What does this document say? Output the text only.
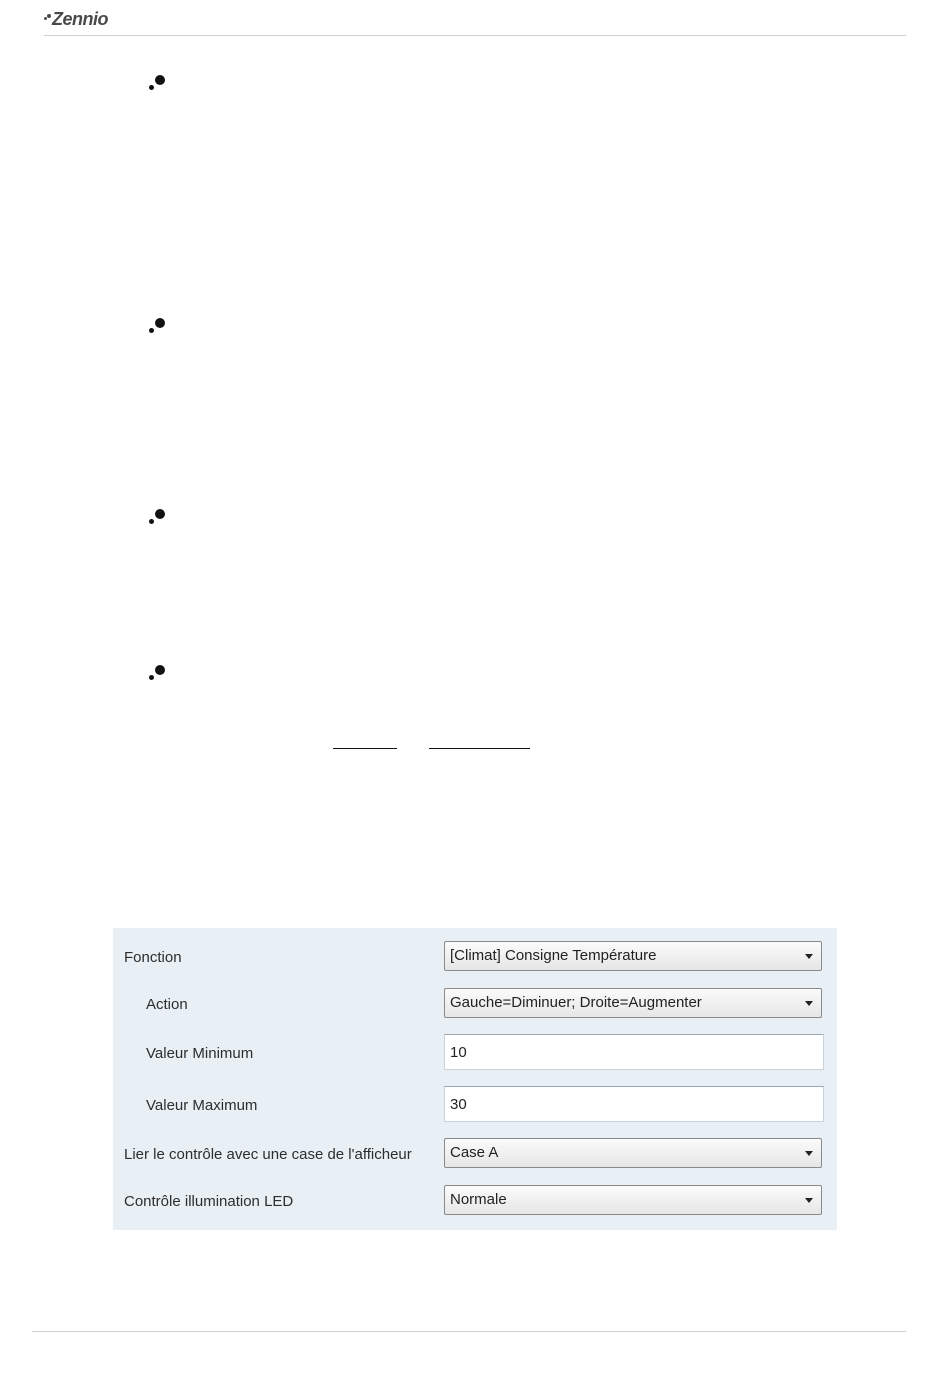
Zennio
Fonction	[Climat] Consigne Température
Action	Gauche=Diminuer; Droite=Augmenter
Valeur Minimum	10
Valeur Maximum	30
Lier le contrôle avec une case de l'afficheur	Case A
Contrôle illumination LED	Normale
